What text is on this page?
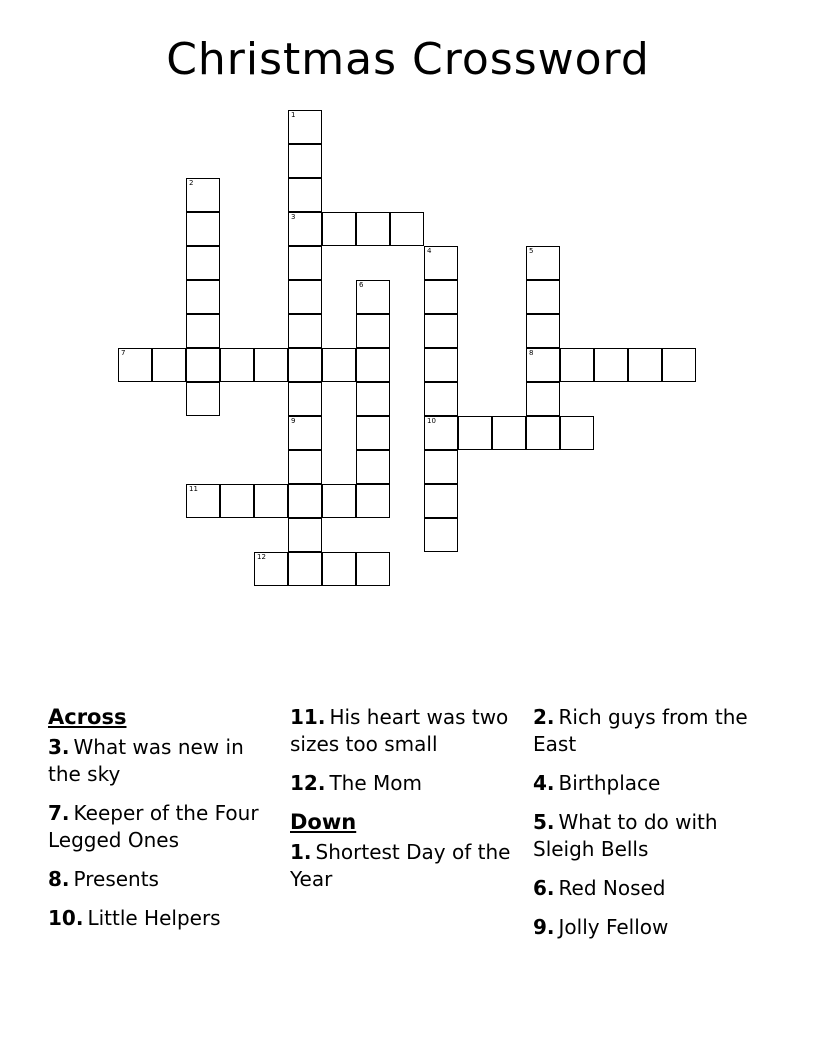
Christmas Crossword
1
3
2
4
10
5
8
6
7
9
11
12
Across
3. What was new in the sky
7. Keeper of the Four Legged Ones
8. Presents
10. Little Helpers
11. His heart was two sizes too small
12. The Mom
Down
1. Shortest Day of the Year
2. Rich guys from the East
4. Birthplace
5. What to do with Sleigh Bells
6. Red Nosed
9. Jolly Fellow
